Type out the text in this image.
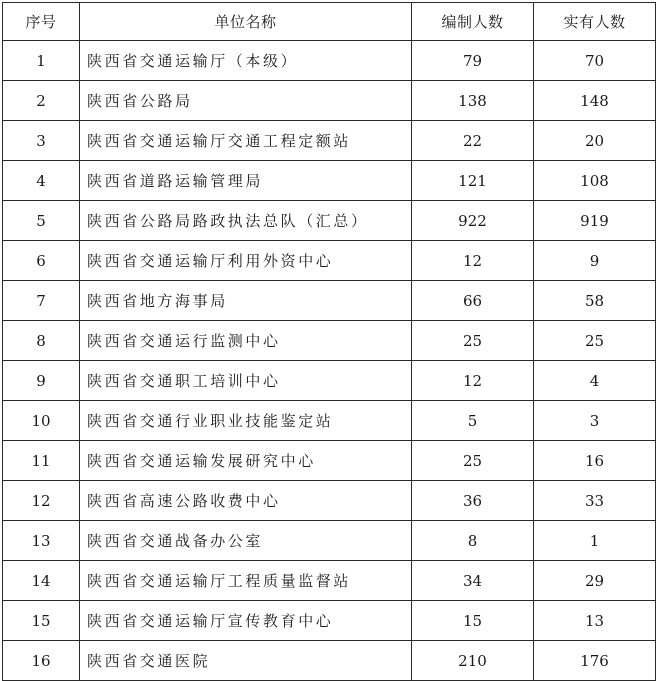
序号	单位名称	编制人数	实有人数
1	陕西省交通运输厅（本级）	79	70
2	陕西省公路局	138	148
3	陕西省交通运输厅交通工程定额站	22	20
4	陕西省道路运输管理局	121	108
5	陕西省公路局路政执法总队（汇总）	922	919
6	陕西省交通运输厅利用外资中心	12	9
7	陕西省地方海事局	66	58
8	陕西省交通运行监测中心	25	25
9	陕西省交通职工培训中心	12	4
10	陕西省交通行业职业技能鉴定站	5	3
11	陕西省交通运输发展研究中心	25	16
12	陕西省高速公路收费中心	36	33
13	陕西省交通战备办公室	8	1
14	陕西省交通运输厅工程质量监督站	34	29
15	陕西省交通运输厅宣传教育中心	15	13
16	陕西省交通医院	210	176
